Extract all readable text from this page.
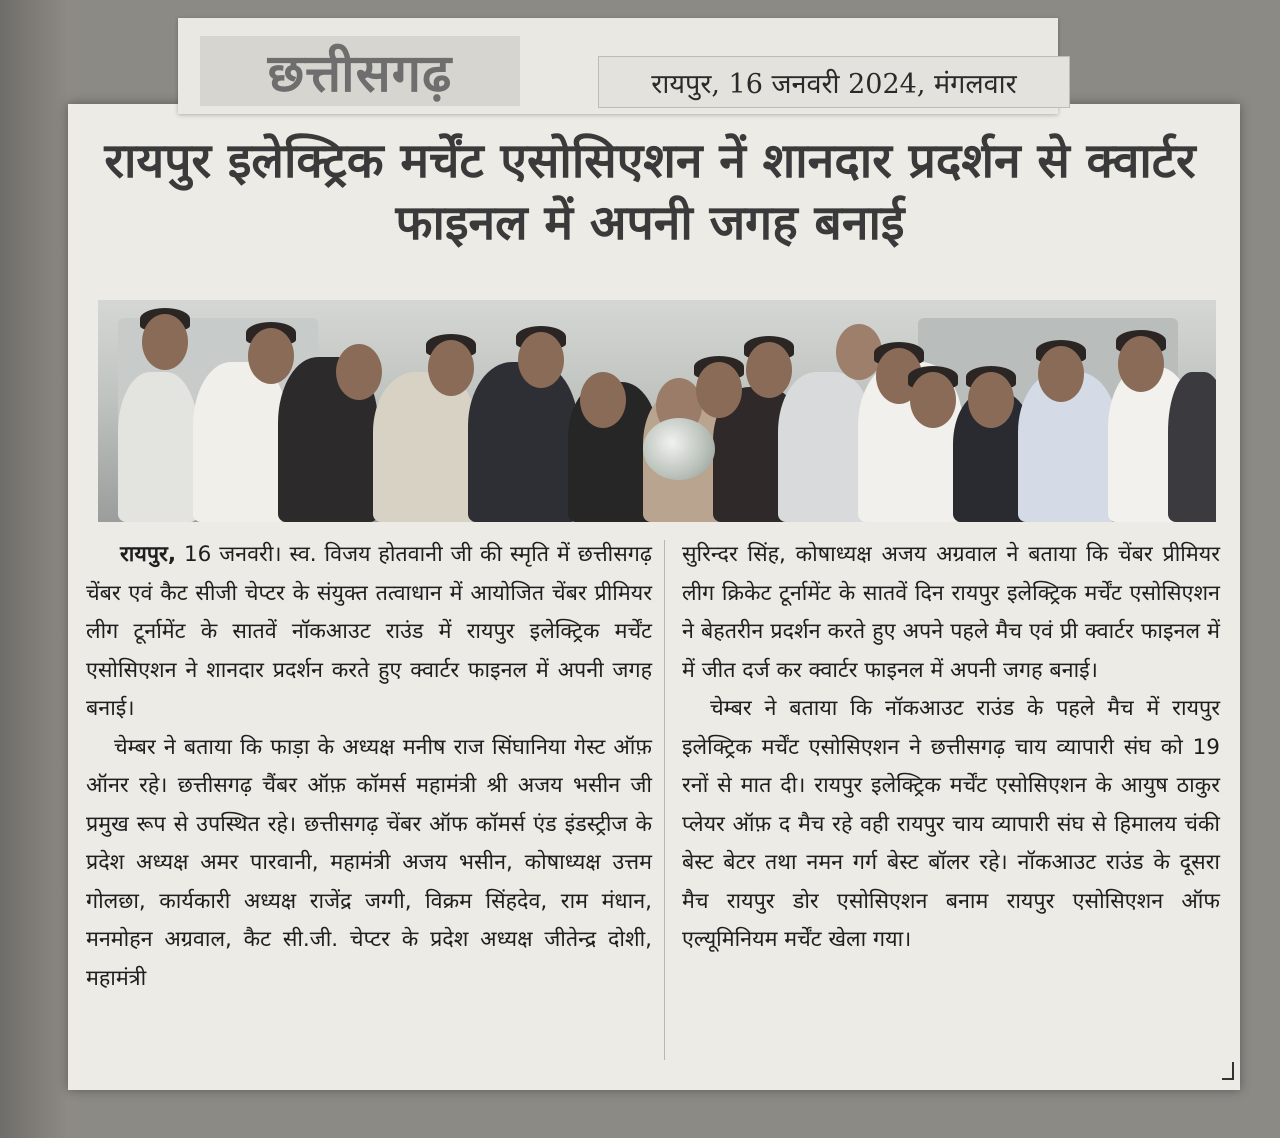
छत्तीसगढ़	रायपुर, 16 जनवरी 2024, मंगलवार
रायपुर इलेक्ट्रिक मर्चेंट एसोसिएशन नें शानदार प्रदर्शन से क्वार्टर फाइनल में अपनी जगह बनाई

रायपुर, 16 जनवरी। स्व. विजय होतवानी जी की स्मृति में छत्तीसगढ़ चेंबर एवं कैट सीजी चेप्टर के संयुक्त तत्वाधान में आयोजित चेंबर प्रीमियर लीग टूर्नामेंट के सातवें नॉकआउट राउंड में रायपुर इलेक्ट्रिक मर्चेंट एसोसिएशन ने शानदार प्रदर्शन करते हुए क्वार्टर फाइनल में अपनी जगह बनाई।

चेम्बर ने बताया कि फाड़ा के अध्यक्ष मनीष राज सिंघानिया गेस्ट ऑफ़ ऑनर रहे। छत्तीसगढ़ चैंबर ऑफ़ कॉमर्स महामंत्री श्री अजय भसीन जी प्रमुख रूप से उपस्थित रहे। छत्तीसगढ़ चेंबर ऑफ कॉमर्स एंड इंडस्ट्रीज के प्रदेश अध्यक्ष अमर पारवानी, महामंत्री अजय भसीन, कोषाध्यक्ष उत्तम गोलछा, कार्यकारी अध्यक्ष राजेंद्र जग्गी, विक्रम सिंहदेव, राम मंधान, मनमोहन अग्रवाल, कैट सी.जी. चेप्टर के प्रदेश अध्यक्ष जीतेन्द्र दोशी, महामंत्री

सुरिन्दर सिंह, कोषाध्यक्ष अजय अग्रवाल ने बताया कि चेंबर प्रीमियर लीग क्रिकेट टूर्नामेंट के सातवें दिन रायपुर इलेक्ट्रिक मर्चेंट एसोसिएशन ने बेहतरीन प्रदर्शन करते हुए अपने पहले मैच एवं प्री क्वार्टर फाइनल में में जीत दर्ज कर क्वार्टर फाइनल में अपनी जगह बनाई।

चेम्बर ने बताया कि नॉकआउट राउंड के पहले मैच में रायपुर इलेक्ट्रिक मर्चेंट एसोसिएशन ने छत्तीसगढ़ चाय व्यापारी संघ को 19 रनों से मात दी। रायपुर इलेक्ट्रिक मर्चेंट एसोसिएशन के आयुष ठाकुर प्लेयर ऑफ़ द मैच रहे वही रायपुर चाय व्यापारी संघ से हिमालय चंकी बेस्ट बेटर तथा नमन गर्ग बेस्ट बॉलर रहे। नॉकआउट राउंड के दूसरा मैच रायपुर डोर एसोसिएशन बनाम रायपुर एसोसिएशन ऑफ एल्यूमिनियम मर्चेंट खेला गया।
